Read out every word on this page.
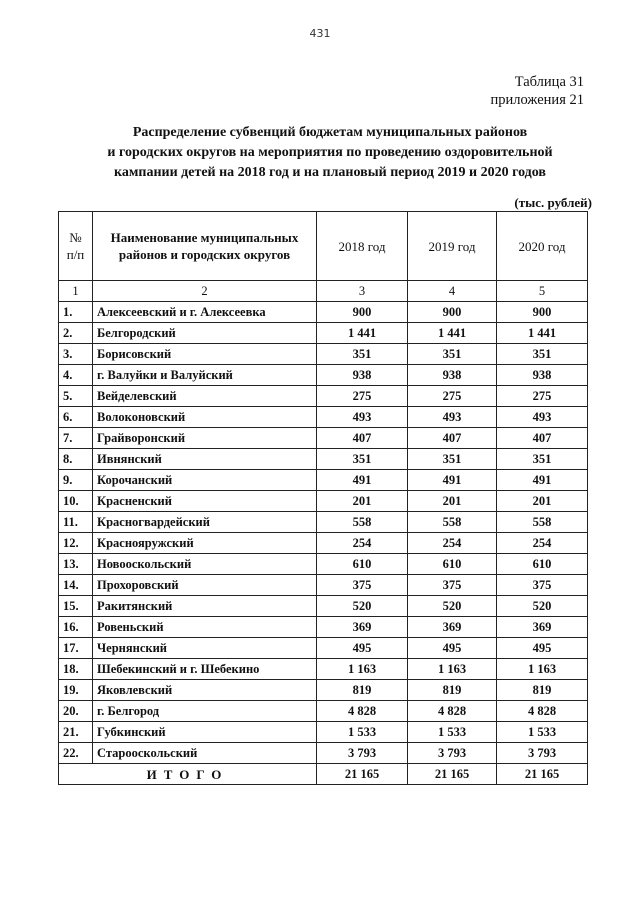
431
Таблица 31
приложения 21
Распределение субвенций бюджетам муниципальных районов
и городских округов на мероприятия по проведению оздоровительной
кампании детей на 2018 год и на плановый период 2019 и 2020 годов
(тыс. рублей)
№ п/п	Наименование муниципальных районов и городских округов	2018 год	2019 год	2020 год
1	2	3	4	5
1.	Алексеевский и г. Алексеевка	900	900	900
2.	Белгородский	1 441	1 441	1 441
3.	Борисовский	351	351	351
4.	г. Валуйки и Валуйский	938	938	938
5.	Вейделевский	275	275	275
6.	Волоконовский	493	493	493
7.	Грайворонский	407	407	407
8.	Ивнянский	351	351	351
9.	Корочанский	491	491	491
10.	Красненский	201	201	201
11.	Красногвардейский	558	558	558
12.	Краснояружский	254	254	254
13.	Новооскольский	610	610	610
14.	Прохоровский	375	375	375
15.	Ракитянский	520	520	520
16.	Ровеньский	369	369	369
17.	Чернянский	495	495	495
18.	Шебекинский и г. Шебекино	1 163	1 163	1 163
19.	Яковлевский	819	819	819
20.	г. Белгород	4 828	4 828	4 828
21.	Губкинский	1 533	1 533	1 533
22.	Старооскольский	3 793	3 793	3 793
ИТОГО		21 165	21 165	21 165
